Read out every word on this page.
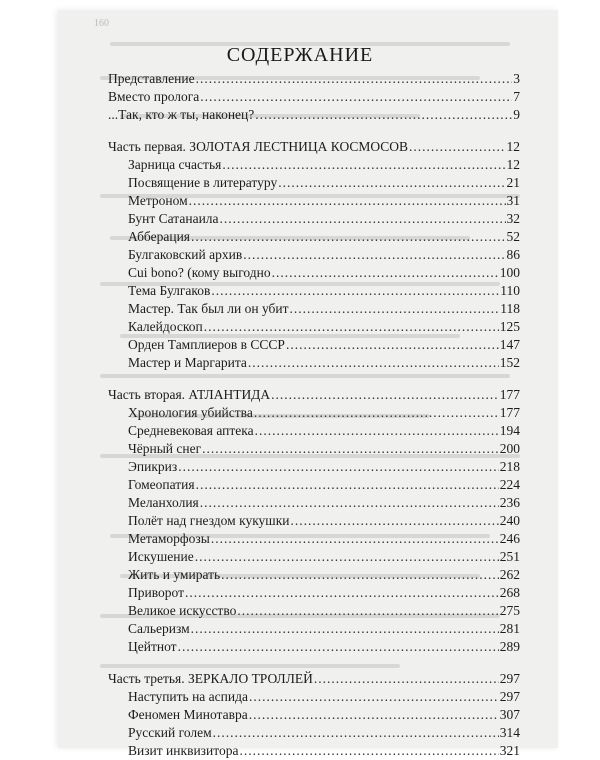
160
СОДЕРЖАНИЕ
Представление .....	3
Вместо пролога .....	7
...Так, кто ж ты, наконец? .....	9
Часть первая. ЗОЛОТАЯ ЛЕСТНИЦА КОСМОСОВ .....	12
Зарница счастья .....	12
Посвящение в литературу .....	21
Метроном .....	31
Бунт Сатанаила .....	32
Абберация .....	52
Булгаковский архив .....	86
Cui bono? (кому выгодно .....	100
Тема Булгаков .....	110
Мастер. Так был ли он убит .....	118
Калейдоскоп .....	125
Орден Тамплиеров в СССР .....	147
Мастер и Маргарита .....	152
Часть вторая. АТЛАНТИДА .....	177
Хронология убийства .....	177
Средневековая аптека .....	194
Чёрный снег .....	200
Эпикриз .....	218
Гомеопатия .....	224
Меланхолия .....	236
Полёт над гнездом кукушки .....	240
Метаморфозы .....	246
Искушение .....	251
Жить и умирать .....	262
Приворот .....	268
Великое искусство .....	275
Сальеризм .....	281
Цейтнот .....	289
Часть третья. ЗЕРКАЛО ТРОЛЛЕЙ .....	297
Наступить на аспида .....	297
Феномен Минотавра .....	307
Русский голем .....	314
Визит инквизитора .....	321
